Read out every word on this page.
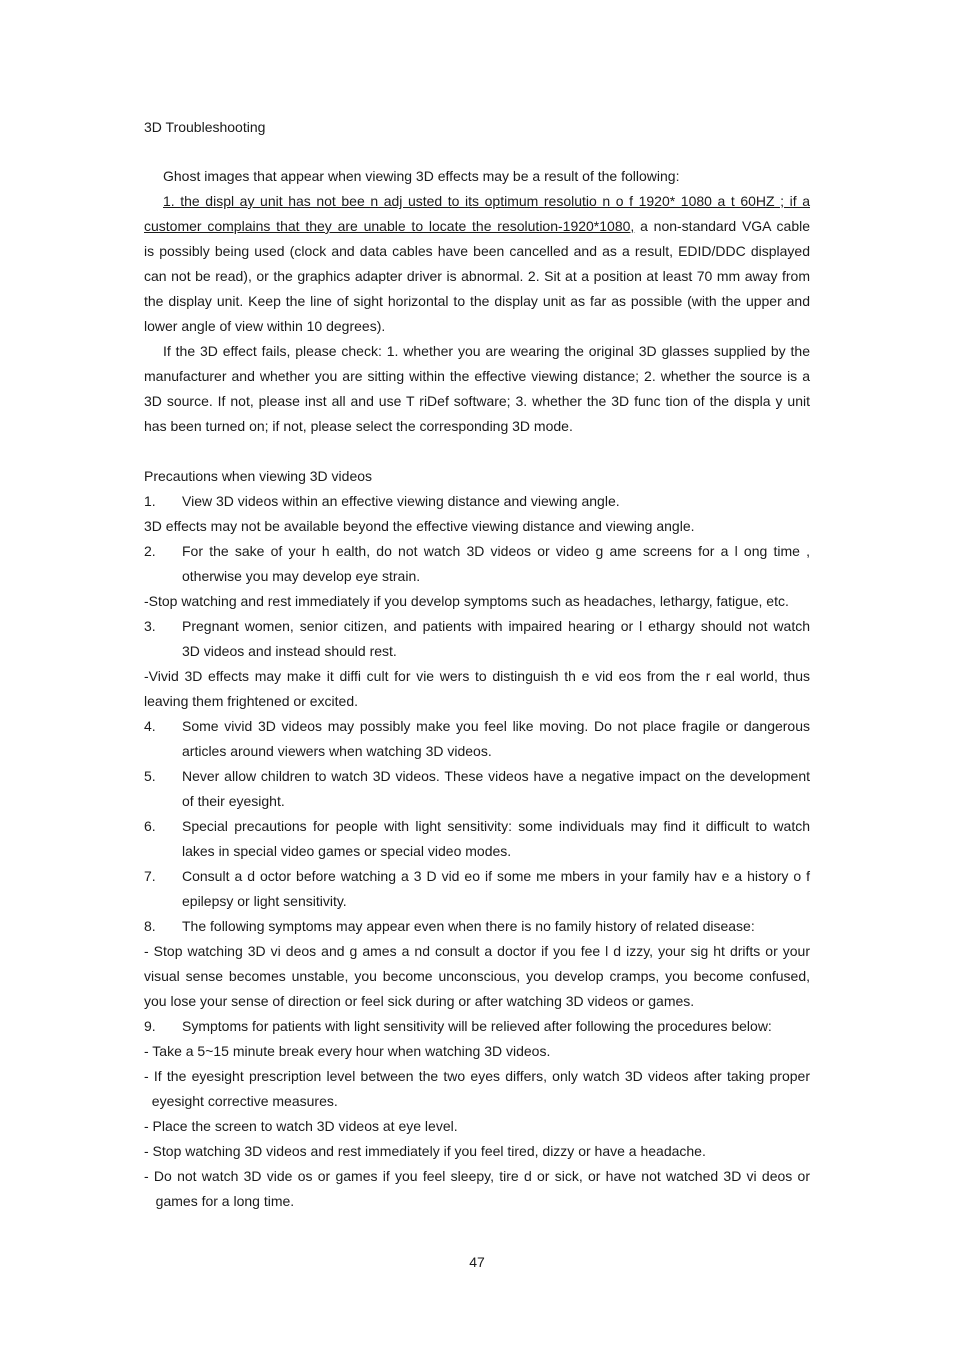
3D Troubleshooting
Ghost images that appear when viewing 3D effects may be a result of the following:
1. the displ ay unit has not bee n adj usted to its optimum resolutio n o f 1920* 1080 a t 60HZ ; if a
customer complains that they are unable to locate the resolution-1920*1080, a non-standard VGA cable
is possibly being used (clock and data cables have been cancelled and as a result, EDID/DDC displayed
can not be read), or the graphics adapter driver is abnormal. 2. Sit at a position at least 70 mm away from
the display unit. Keep the line of sight horizontal to the display unit as far as possible (with the upper and
lower angle of view within 10 degrees).
If the 3D effect fails, please check: 1. whether you are wearing the original 3D glasses supplied by the
manufacturer and whether you are sitting within the effective viewing distance; 2. whether the source is a
3D source. If not, please inst all and use T riDef software; 3. whether the 3D func tion of the displa y unit
has been turned on; if not, please select the corresponding 3D mode.
Precautions when viewing 3D videos
1. View 3D videos within an effective viewing distance and viewing angle.
3D effects may not be available beyond the effective viewing distance and viewing angle.
2. For the sake of your h ealth, do not watch 3D videos or video g ame screens for a l ong time ,
otherwise you may develop eye strain.
-Stop watching and rest immediately if you develop symptoms such as headaches, lethargy, fatigue, etc.
3. Pregnant women, senior citizen, and patients with impaired hearing or l ethargy should not watch
3D videos and instead should rest.
-Vivid 3D effects may make it diffi cult for vie wers to distinguish th e vid eos from the r eal world, thus
leaving them frightened or excited.
4. Some vivid 3D videos may possibly make you feel like moving. Do not place fragile or dangerous
articles around viewers when watching 3D videos.
5. Never allow children to watch 3D videos. These videos have a negative impact on the development
of their eyesight.
6. Special precautions for people with light sensitivity: some individuals may find it difficult to watch
lakes in special video games or special video modes.
7. Consult a d octor before watching a 3 D vid eo if some me mbers in your family hav e a history o f
epilepsy or light sensitivity.
8. The following symptoms may appear even when there is no family history of related disease:
- Stop watching 3D vi deos and g ames a nd consult a doctor if you fee l d izzy, your sig ht drifts or your
visual sense becomes unstable, you become unconscious, you develop cramps, you become confused,
you lose your sense of direction or feel sick during or after watching 3D videos or games.
9. Symptoms for patients with light sensitivity will be relieved after following the procedures below:
- Take a 5~15 minute break every hour when watching 3D videos.
- If the eyesight prescription level between the two eyes differs, only watch 3D videos after taking proper
eyesight corrective measures.
- Place the screen to watch 3D videos at eye level.
- Stop watching 3D videos and rest immediately if you feel tired, dizzy or have a headache.
- Do not watch 3D vide os or games if you feel sleepy, tire d or sick, or have not watched 3D vi deos or
games for a long time.
47
